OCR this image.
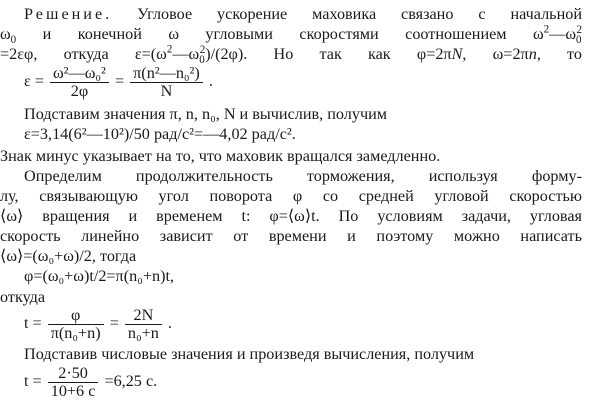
Решение. Угловое ускорение маховика связано с начальной
$\omega_0$ и конечной ω угловыми скоростями соотношением $\omega^2—\omega_0^2$
=2εφ, откуда $\varepsilon=(\omega^2—\omega_0^2)/(2\varphi)$. Но так как φ=2πN, ω=2πn, то
$\varepsilon = \frac{\text{ω²—ω₀²}}{2\varphi} = \frac{\text{π(n²—n₀²)}}{N}$ .
Подставим значения π, n, n₀, N и вычислив, получим
ε=3,14(6²—10²)/50 рад/с²=—4,02 рад/с².
Знак минус указывает на то, что маховик вращался замедленно.
Определим продолжительность торможения, используя форму-
лу, связывающую угол поворота φ со средней угловой скоростью
⟨ω⟩ вращения и временем t: φ=⟨ω⟩t. По условиям задачи, угловая
скорость линейно зависит от времени и поэтому можно написать
⟨ω⟩=(ω₀+ω)/2, тогда
φ=(ω₀+ω)t/2=π(n₀+n)t,
откуда
$t = \frac{\varphi}{\text{π(n₀+n)}} = \frac{2N}{\text{n₀+n}}$ .
Подставив числовые значения и произведя вычисления, получим
$t = \frac{2\cdot 50}{10+6 с} =6,25$ с.
